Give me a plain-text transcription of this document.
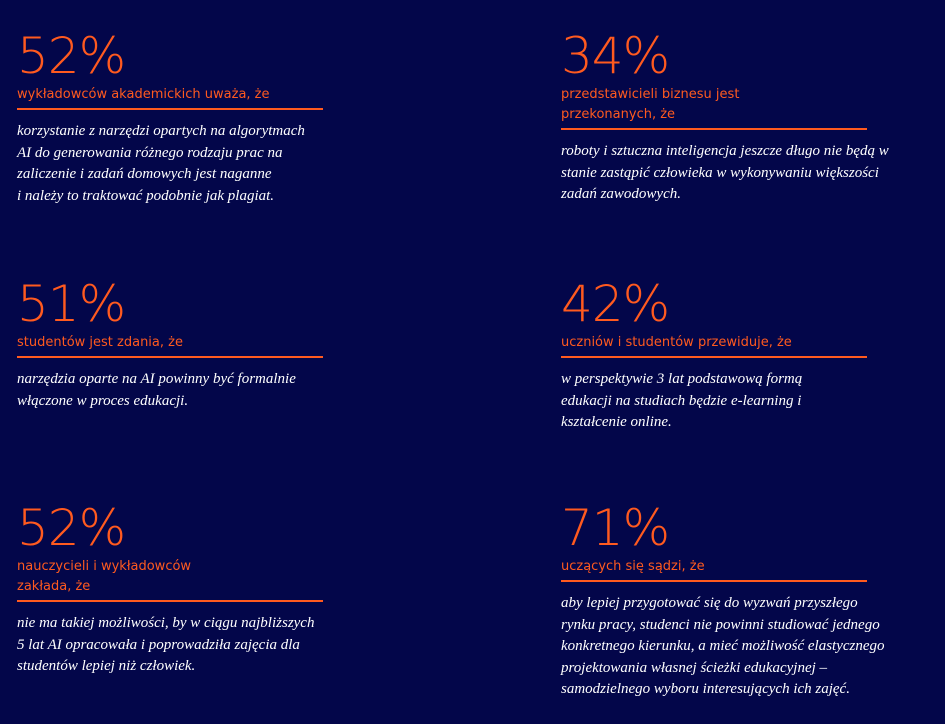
52%
wykładowców akademickich uważa, że
korzystanie z narzędzi opartych na algorytmach
AI do generowania różnego rodzaju prac na
zaliczenie i zadań domowych jest naganne
i należy to traktować podobnie jak plagiat.
34%
przedstawicieli biznesu jest
przekonanych, że
roboty i sztuczna inteligencja jeszcze długo nie będą w
stanie zastąpić człowieka w wykonywaniu większości
zadań zawodowych.
51%
studentów jest zdania, że
narzędzia oparte na AI powinny być formalnie
włączone w proces edukacji.
42%
uczniów i studentów przewiduje, że
w perspektywie 3 lat podstawową formą
edukacji na studiach będzie e-learning i
kształcenie online.
52%
nauczycieli i wykładowców
zakłada, że
nie ma takiej możliwości, by w ciągu najbliższych
5 lat AI opracowała i poprowadziła zajęcia dla
studentów lepiej niż człowiek.
71%
uczących się sądzi, że
aby lepiej przygotować się do wyzwań przyszłego
rynku pracy, studenci nie powinni studiować jednego
konkretnego kierunku, a mieć możliwość elastycznego
projektowania własnej ścieżki edukacyjnej –
samodzielnego wyboru interesujących ich zajęć.
